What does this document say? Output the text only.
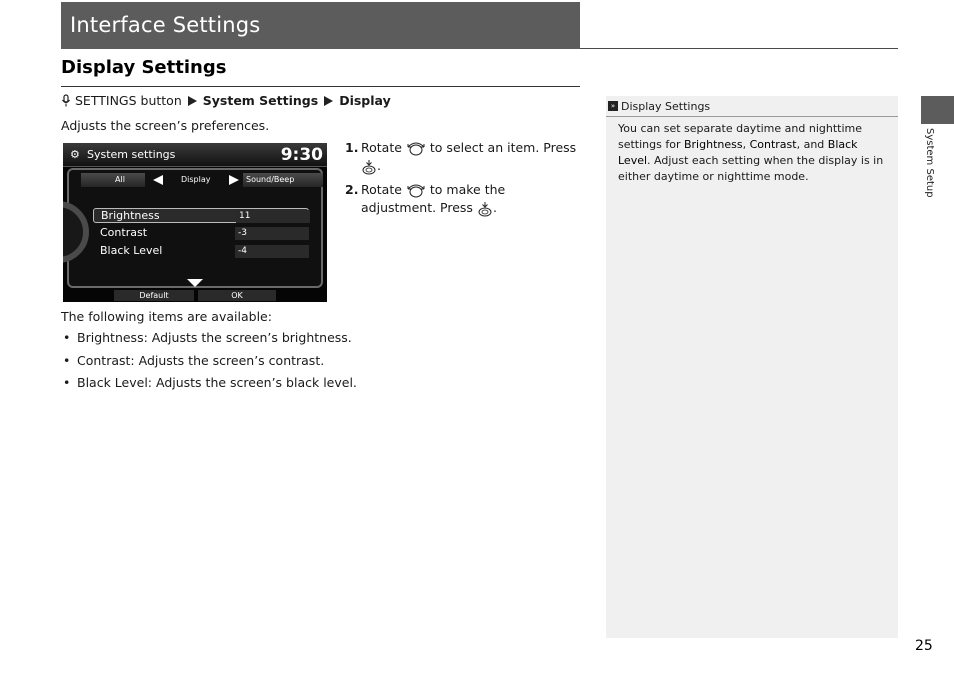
Interface Settings
Display Settings
SETTINGS button System Settings Display
Adjusts the screen’s preferences.
⚙ System settings	9:30
All	Display	Sound/Beep
Brightness	11
Contrast	-3
Black Level	-4
Default	OK
1. Rotate to select an item. Press .
2. Rotate to make the adjustment. Press .
The following items are available:
• Brightness: Adjusts the screen’s brightness.
• Contrast: Adjusts the screen’s contrast.
• Black Level: Adjusts the screen’s black level.
» Display Settings
You can set separate daytime and nighttime settings for Brightness, Contrast, and Black Level. Adjust each setting when the display is in either daytime or nighttime mode.	System Setup
25
